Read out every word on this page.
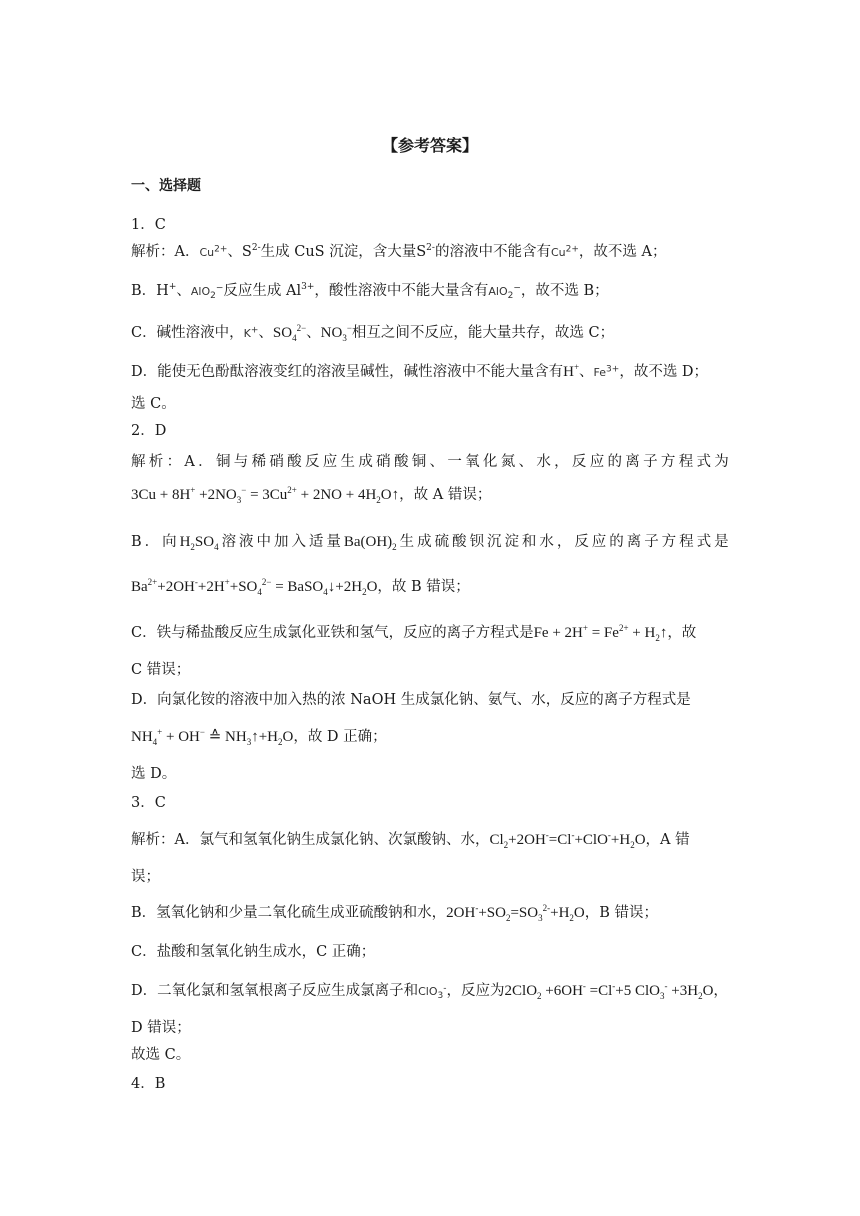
【参考答案】
一、选择题
1．C
解析：A．$Cu^{2+}$、$S^{2-}$生成 CuS 沉淀，含大量$S^{2-}$的溶液中不能含有$Cu^{2+}$，故不选 A；
B．H+、AlO$_2$−反应生成 $Al^{3+}$，酸性溶液中不能大量含有AlO$_2$−，故不选 B；
C．碱性溶液中，K+、$SO_4^{2-}$、$NO_3^-$相互之间不反应，能大量共存，故选 C；
D．能使无色酚酞溶液变红的溶液呈碱性，碱性溶液中不能大量含有H+、$Fe^{3+}$，故不选 D；
选 C。
2．D
解 析 ： A ． 铜 与 稀 硝 酸 反 应 生 成 硝 酸 铜 、 一 氧 化 氮 、 水 ， 反 应 的 离 子 方 程 式 为
$3Cu + 8H^+ +2NO_3^- = 3Cu^{2+} + 2NO$ + $4H_2O↑$，故 A 错误；
B ． 向 $H_2SO_4$ 溶 液 中 加 入 适 量 $Ba(OH)_2$ 生 成 硫 酸 钡 沉 淀 和 水 ， 反 应 的 离 子 方 程 式 是
$Ba^{2+}+2OH^-+2H^++SO_4^{2-}$ = $BaSO_4↓+2H_2O$，故 B 错误；
C．铁与稀盐酸反应生成氯化亚铁和氢气，反应的离子方程式是$Fe + 2H^+ = Fe^{2+}$ + $H_2↑$，故
C 错误；
D．向氯化铵的溶液中加入热的浓 NaOH 生成氯化钠、氨气、水，反应的离子方程式是
$NH_4^+ + OH^-$ ≙ $NH_3↑+H_2O$，故 D 正确；
选 D。
3．C
解析：A．氯气和氢氧化钠生成氯化钠、次氯酸钠、水，$Cl_2+2OH^-=Cl^-+ClO^-+H_2O$，A 错
误；
B．氢氧化钠和少量二氧化硫生成亚硫酸钠和水，$2OH^-+SO_2=SO_3^{2-}+H_2O$，B 错误；
C．盐酸和氢氧化钠生成水，C 正确；
D．二氧化氯和氢氧根离子反应生成氯离子和ClO$_3$-，反应为2ClO$_2$ +6OH- =Cl-+5 $ClO_3^- +3H_2O$，
D 错误；
故选 C。
4．B
